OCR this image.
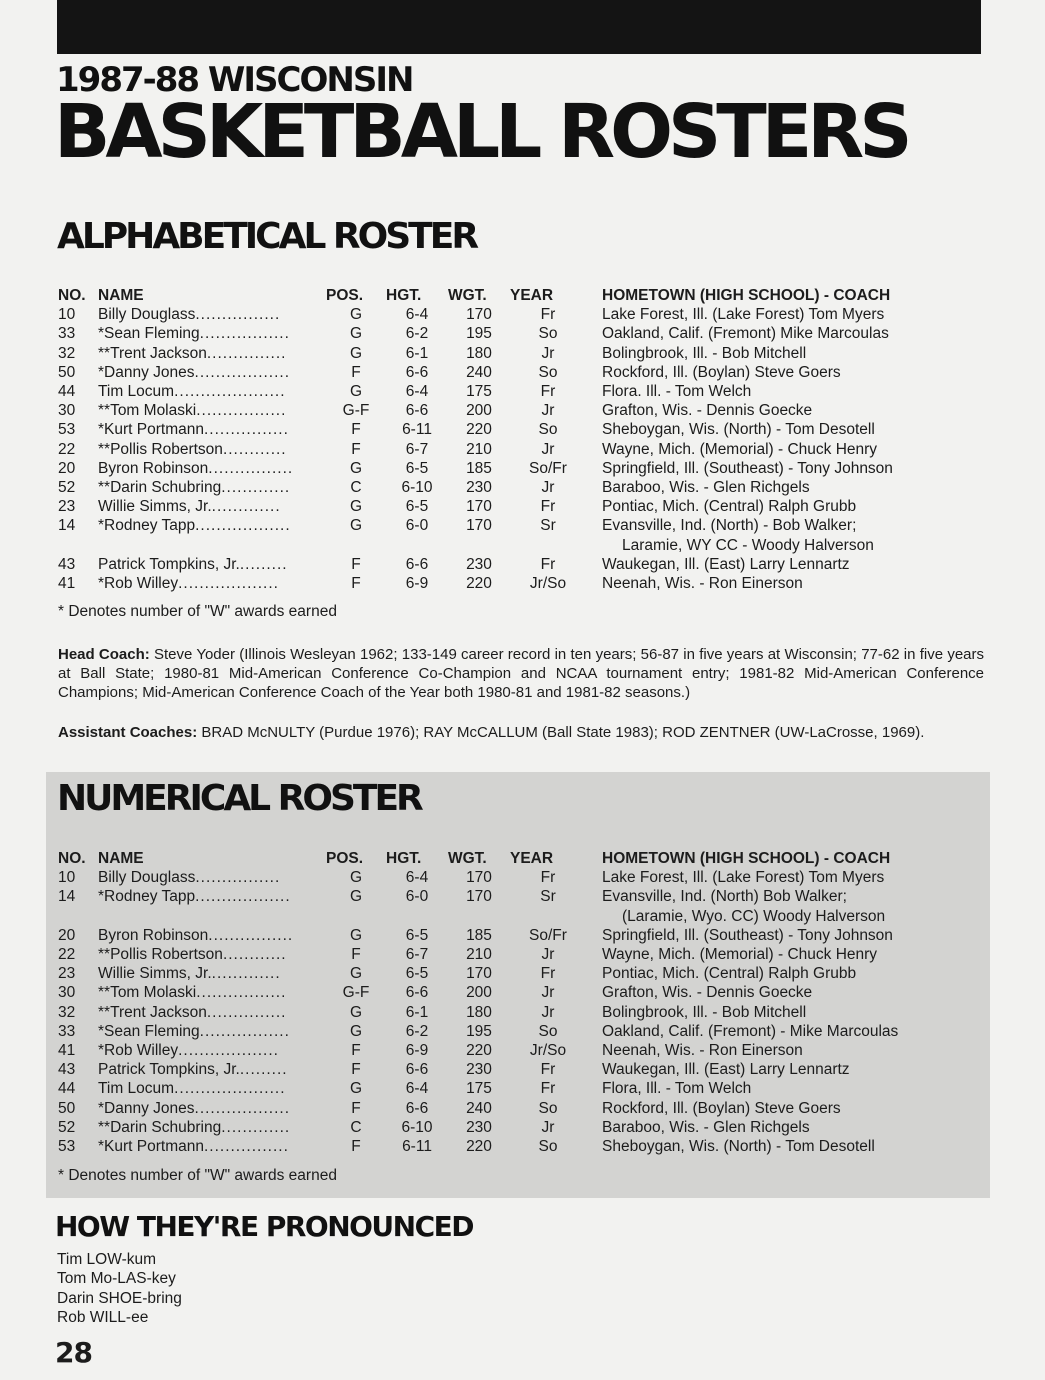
1987-88 WISCONSIN
BASKETBALL ROSTERS
ALPHABETICAL ROSTER
NO.	NAME	POS.	HGT.	WGT.	YEAR	HOMETOWN (HIGH SCHOOL) - COACH
10	Billy Douglass................	G	6-4	170	Fr	Lake Forest, Ill. (Lake Forest) Tom Myers

33	*Sean Fleming.................	G	6-2	195	So	Oakland, Calif. (Fremont) Mike Marcoulas

32	**Trent Jackson...............	G	6-1	180	Jr	Bolingbrook, Ill. - Bob Mitchell

50	*Danny Jones..................	F	6-6	240	So	Rockford, Ill. (Boylan) Steve Goers

44	Tim Locum.....................	G	6-4	175	Fr	Flora. Ill. - Tom Welch

30	**Tom Molaski.................	G-F	6-6	200	Jr	Grafton, Wis. - Dennis Goecke

53	*Kurt Portmann................	F	6-11	220	So	Sheboygan, Wis. (North) - Tom Desotell

22	**Pollis Robertson............	F	6-7	210	Jr	Wayne, Mich. (Memorial) - Chuck Henry

20	Byron Robinson................	G	6-5	185	So/Fr	Springfield, Ill. (Southeast) - Tony Johnson

52	**Darin Schubring.............	C	6-10	230	Jr	Baraboo, Wis. - Glen Richgels

23	Willie Simms, Jr..............	G	6-5	170	Fr	Pontiac, Mich. (Central) Ralph Grubb

14	*Rodney Tapp..................	G	6-0	170	Sr	Evansville, Ind. (North) - Bob Walker;
Laramie, WY CC - Woody Halverson

43	Patrick Tompkins, Jr..........	F	6-6	230	Fr	Waukegan, Ill. (East) Larry Lennartz

41	*Rob Willey...................	F	6-9	220	Jr/So	Neenah, Wis. - Ron Einerson
* Denotes number of "W" awards earned
Head Coach: Steve Yoder (Illinois Wesleyan 1962; 133-149 career record in ten years; 56-87 in five years at Wisconsin; 77-62 in five years at Ball State; 1980-81 Mid-American Conference Co-Champion and NCAA tournament entry; 1981-82 Mid-American Conference Champions; Mid-American Conference Coach of the Year both 1980-81 and 1981-82 seasons.)
Assistant Coaches: BRAD McNULTY (Purdue 1976); RAY McCALLUM (Ball State 1983); ROD ZENTNER (UW-LaCrosse, 1969).
NUMERICAL ROSTER
NO.	NAME	POS.	HGT.	WGT.	YEAR	HOMETOWN (HIGH SCHOOL) - COACH
10	Billy Douglass................	G	6-4	170	Fr	Lake Forest, Ill. (Lake Forest) Tom Myers

14	*Rodney Tapp..................	G	6-0	170	Sr	Evansville, Ind. (North) Bob Walker;
(Laramie, Wyo. CC) Woody Halverson

20	Byron Robinson................	G	6-5	185	So/Fr	Springfield, Ill. (Southeast) - Tony Johnson

22	**Pollis Robertson............	F	6-7	210	Jr	Wayne, Mich. (Memorial) - Chuck Henry

23	Willie Simms, Jr..............	G	6-5	170	Fr	Pontiac, Mich. (Central) Ralph Grubb

30	**Tom Molaski.................	G-F	6-6	200	Jr	Grafton, Wis. - Dennis Goecke

32	**Trent Jackson...............	G	6-1	180	Jr	Bolingbrook, Ill. - Bob Mitchell

33	*Sean Fleming.................	G	6-2	195	So	Oakland, Calif. (Fremont) - Mike Marcoulas

41	*Rob Willey...................	F	6-9	220	Jr/So	Neenah, Wis. - Ron Einerson

43	Patrick Tompkins, Jr..........	F	6-6	230	Fr	Waukegan, Ill. (East) Larry Lennartz

44	Tim Locum.....................	G	6-4	175	Fr	Flora, Ill. - Tom Welch

50	*Danny Jones..................	F	6-6	240	So	Rockford, Ill. (Boylan) Steve Goers

52	**Darin Schubring.............	C	6-10	230	Jr	Baraboo, Wis. - Glen Richgels

53	*Kurt Portmann................	F	6-11	220	So	Sheboygan, Wis. (North) - Tom Desotell
* Denotes number of "W" awards earned
HOW THEY'RE PRONOUNCED
Tim LOW-kum
Tom Mo-LAS-key
Darin SHOE-bring
Rob WILL-ee
28
